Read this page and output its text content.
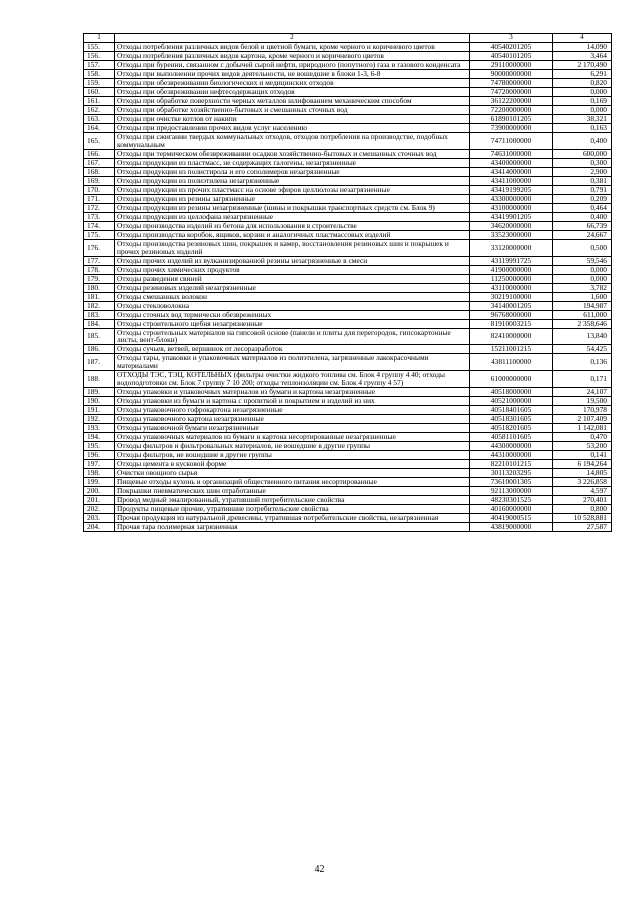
1	2	3	4
155.	Отходы потребления различных видов белой и цветной бумаги, кроме черного и коричневого цветов	40540201205	14,090
156.	Отходы потребления различных видов картона, кроме черного и коричневого цветов	40540101205	3,464
157.	Отходы при бурении, связанном с добычей сырой нефти, природного (попутного) газа и газового конденсата	29110000000	2 170,490
158.	Отходы при выполнении прочих видов деятельности, не вошедшие в блоки 1-3, 6-8	90000000000	6,291
159.	Отходы при обезвреживании биологических и медицинских отходов	74780000000	0,820
160.	Отходы при обезвреживании нефтесодержащих отходов	74720000000	0,000
161.	Отходы при обработке поверхности черных металлов шлифованием механическим способом	36122200000	0,169
162.	Отходы при обработке хозяйственно-бытовых и смешанных сточных вод	72200000000	0,000
163.	Отходы при очистке котлов от накипи	61890101205	38,321
164.	Отходы при предоставлении прочих видов услуг населению	73900000000	0,163
165.	Отходы при сжигании твердых коммунальных отходов, отходов потребления на производстве, подобных коммунальным	74711000000	0,400
166.	Отходы при термическом обезвреживании осадков хозяйственно-бытовых и смешанных сточных вод	74631000000	600,000
167.	Отходы продукции из пластмасс, не содержащих галогены, незагрязненные	43400000000	0,300
168.	Отходы продукции из полистирола и его сополимеров незагрязненные	43414000000	2,900
169.	Отходы продукции из полиэтилена незагрязненные	43411000000	0,381
170.	Отходы продукции из прочих пластмасс на основе эфиров целлюлозы незагрязненные	43419199205	0,791
171.	Отходы продукции из резины загрязненные	43300000000	0,209
172.	Отходы продукции из резины незагрязненные (шины и покрышки транспортных средств см. Блок 9)	43100000000	0,464
173.	Отходы продукции из целлофана незагрязненные	43419901205	0,400
174.	Отходы производства изделий из бетона для использования в строительстве	34620000000	66,739
175.	Отходы производства коробок, ящиков, корзин и аналогичных пластмассовых изделий	33523000000	24,667
176.	Отходы производства резиновых шин, покрышек и камер, восстановления резиновых шин и покрышек и прочих резиновых изделий	33120000000	0,500
177.	Отходы прочих изделий из вулканизированной резины незагрязненные в смеси	43119991725	59,546
178.	Отходы прочих химических продуктов	41900000000	0,000
179.	Отходы разведения свиней	11250000000	0,000
180.	Отходы резиновых изделий незагрязненные	43110000000	3,782
181.	Отходы смешанных волокон	30219100000	1,600
182.	Отходы стекловолокна	34140001205	194,987
183.	Отходы сточных вод термически обезвреженных	96768000000	611,000
184.	Отходы строительного щебня незагрязненные	81910003215	2 358,646
185.	Отходы строительных материалов на гипсовой основе (панели и плиты для перегородок, гипсокартонные листы, вент-блоки)	82410000000	13,840
186.	Отходы сучьев, ветвей, вершинок от лесоразработок	15211001215	54,425
187.	Отходы тары, упаковки и упаковочных материалов из полиэтилена, загрязненные лакокрасочными материалами	43811100000	0,136
188.	ОТХОДЫ ТЭС, ТЭЦ, КОТЕЛЬНЫХ (фильтры очистки жидкого топлива см. Блок 4 группу 4 40; отходы водоподготовки см. Блок 7 группу 7 10 200; отходы теплоизоляции см. Блок 4 группу 4 57)	61000000000	0,171
189.	Отходы упаковки и упаковочных материалов из бумаги и картона незагрязненные	40518000000	24,107
190.	Отходы упаковки из бумаги и картона с пропиткой и покрытием и изделий из них	40521000000	19,500
191.	Отходы упаковочного гофрокартона незагрязненные	40518401605	170,978
192.	Отходы упаковочного картона незагрязненные	40518301605	2 107,409
193.	Отходы упаковочной бумаги незагрязненные	40518201605	1 142,081
194.	Отходы упаковочных материалов из бумаги и картона несортированные незагрязненные	40581101605	0,470
195.	Отходы фильтров и фильтровальных материалов, не вошедшие в другие группы	44300000000	53,200
196.	Отходы фильтров, не вошедшие в другие группы	44310000000	0,141
197.	Отходы цемента в кусковой форме	82210101215	6 194,264
198.	Очистки овощного сырья	30113203295	14,805
199.	Пищевые отходы кухонь и организаций общественного питания несортированные	73610001305	3 226,858
200.	Покрышки пневматических шин отработанные	92113000000	4,597
201.	Провод медный эмалированный, утративший потребительские свойства	48230301525	270,401
202.	Продукты пищевые прочие, утратившие потребительские свойства	40160000000	0,800
203.	Прочая продукция из натуральной древесины, утратившая потребительские свойства, незагрязненная	40419000515	10 528,881
204.	Прочая тара полимерная загрязненная	43819000000	27,587
42
